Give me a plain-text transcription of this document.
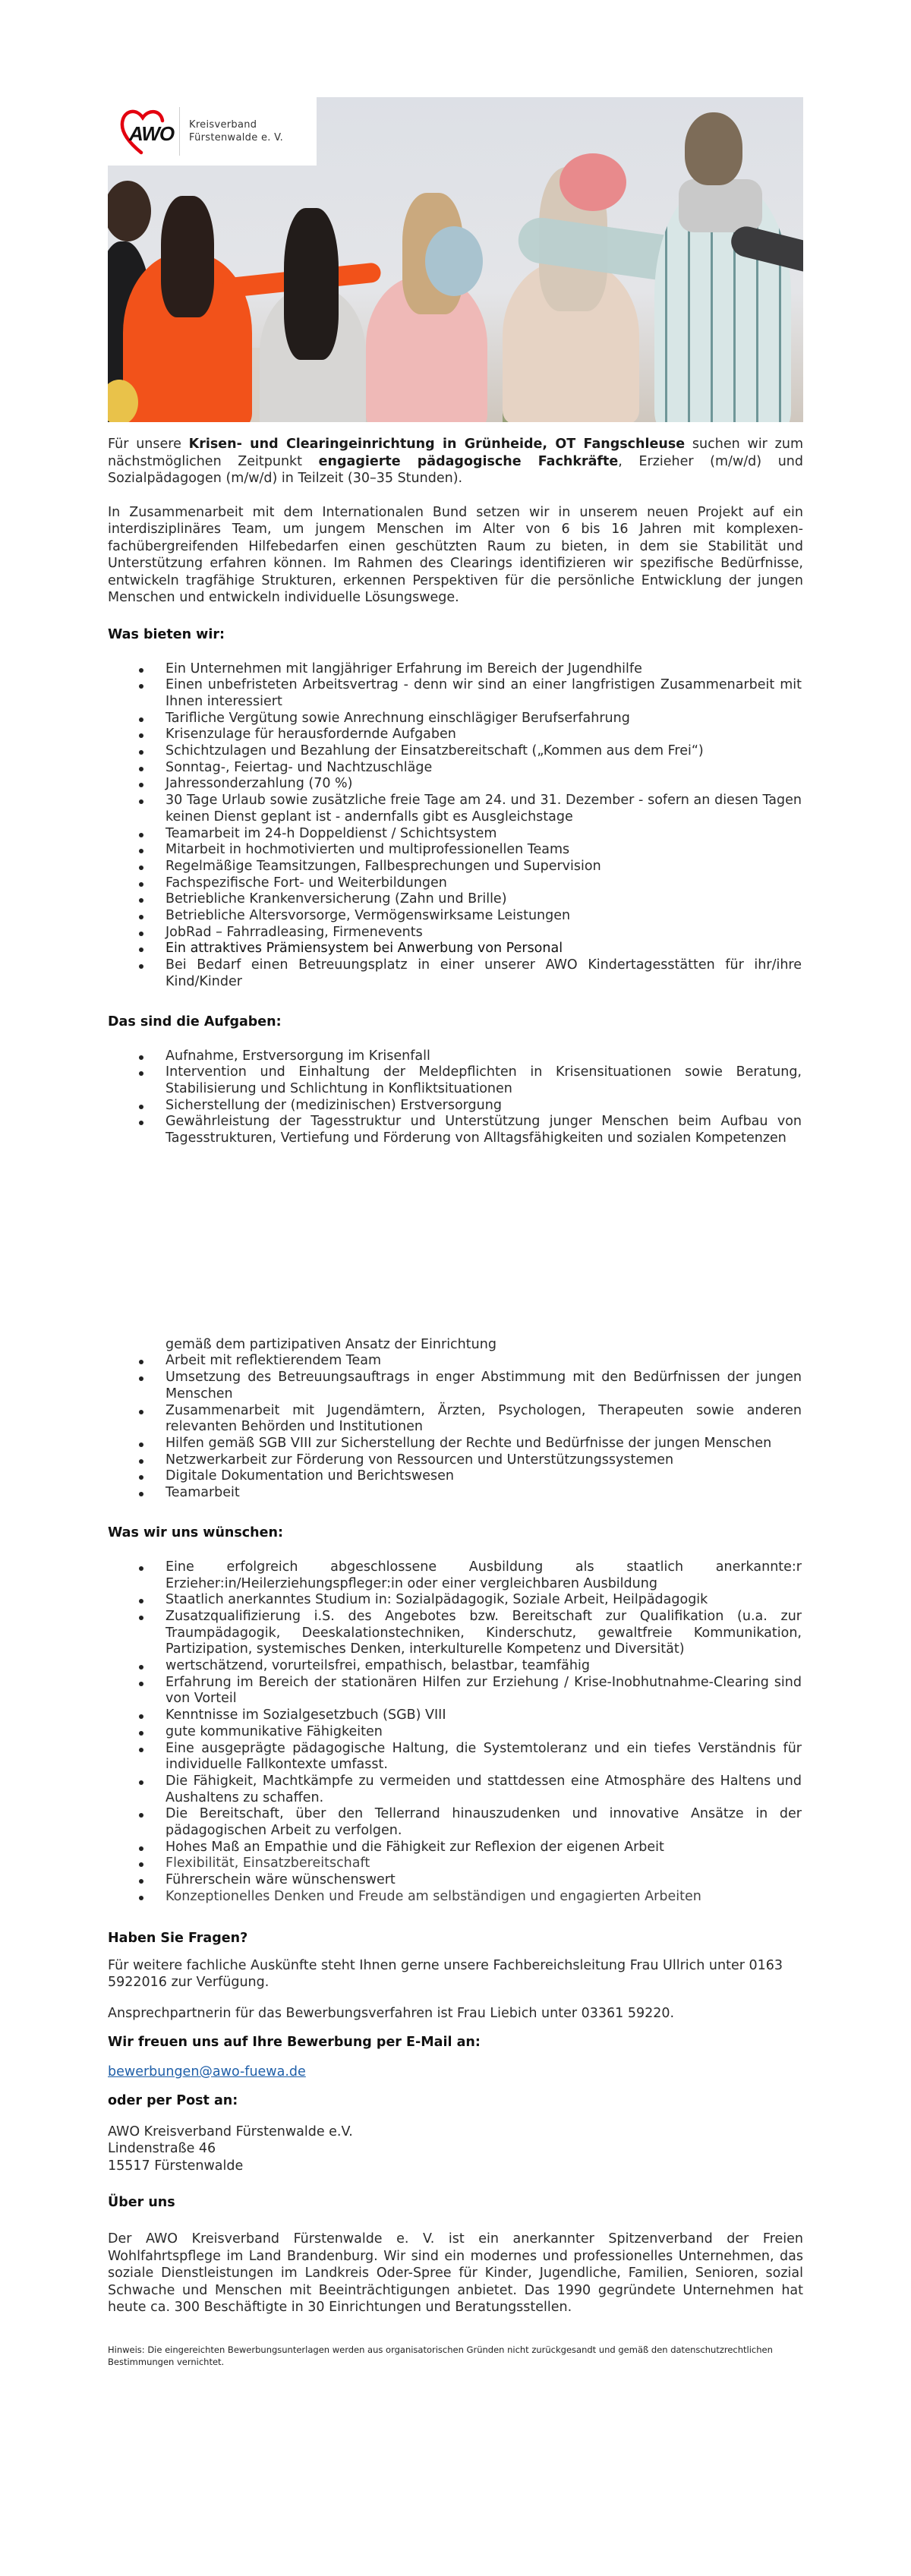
AWO Kreisverband
Fürstenwalde e. V.

Für unsere Krisen- und Clearingeinrichtung in Grünheide, OT Fangschleuse suchen wir zum nächstmöglichen Zeitpunkt engagierte pädagogische Fachkräfte, Erzieher (m/w/d) und Sozialpädagogen (m/w/d) in Teilzeit (30–35 Stunden).

In Zusammenarbeit mit dem Internationalen Bund setzen wir in unserem neuen Projekt auf ein interdisziplinäres Team, um jungem Menschen im Alter von 6 bis 16 Jahren mit komplexen-fachübergreifenden Hilfebedarfen einen geschützten Raum zu bieten, in dem sie Stabilität und Unterstützung erfahren können. Im Rahmen des Clearings identifizieren wir spezifische Bedürfnisse, entwickeln tragfähige Strukturen, erkennen Perspektiven für die persönliche Entwicklung der jungen Menschen und entwickeln individuelle Lösungswege.

Was bieten wir:
Ein Unternehmen mit langjähriger Erfahrung im Bereich der Jugendhilfe
Einen unbefristeten Arbeitsvertrag - denn wir sind an einer langfristigen Zusammenarbeit mit Ihnen interessiert
Tarifliche Vergütung sowie Anrechnung einschlägiger Berufserfahrung
Krisenzulage für herausfordernde Aufgaben
Schichtzulagen und Bezahlung der Einsatzbereitschaft („Kommen aus dem Frei“)
Sonntag-, Feiertag- und Nachtzuschläge
Jahressonderzahlung (70 %)
30 Tage Urlaub sowie zusätzliche freie Tage am 24. und 31. Dezember - sofern an diesen Tagen keinen Dienst geplant ist - andernfalls gibt es Ausgleichstage
Teamarbeit im 24-h Doppeldienst / Schichtsystem
Mitarbeit in hochmotivierten und multiprofessionellen Teams
Regelmäßige Teamsitzungen, Fallbesprechungen und Supervision
Fachspezifische Fort- und Weiterbildungen
Betriebliche Krankenversicherung (Zahn und Brille)
Betriebliche Altersvorsorge, Vermögenswirksame Leistungen
JobRad – Fahrradleasing, Firmenevents
Ein attraktives Prämiensystem bei Anwerbung von Personal
Bei Bedarf einen Betreuungsplatz in einer unserer AWO Kindertagesstätten für ihr/ihre Kind/Kinder
Das sind die Aufgaben:
Aufnahme, Erstversorgung im Krisenfall
Intervention und Einhaltung der Meldepflichten in Krisensituationen sowie Beratung, Stabilisierung und Schlichtung in Konfliktsituationen
Sicherstellung der (medizinischen) Erstversorgung
Gewährleistung der Tagesstruktur und Unterstützung junger Menschen beim Aufbau von Tagesstrukturen, Vertiefung und Förderung von Alltagsfähigkeiten und sozialen Kompetenzen
gemäß dem partizipativen Ansatz der Einrichtung
Arbeit mit reflektierendem Team
Umsetzung des Betreuungsauftrags in enger Abstimmung mit den Bedürfnissen der jungen Menschen
Zusammenarbeit mit Jugendämtern, Ärzten, Psychologen, Therapeuten sowie anderen relevanten Behörden und Institutionen
Hilfen gemäß SGB VIII zur Sicherstellung der Rechte und Bedürfnisse der jungen Menschen
Netzwerkarbeit zur Förderung von Ressourcen und Unterstützungssystemen
Digitale Dokumentation und Berichtswesen
Teamarbeit
Was wir uns wünschen:
Eine erfolgreich abgeschlossene Ausbildung als staatlich anerkannte:r Erzieher:in/Heilerziehungspfleger:in oder einer vergleichbaren Ausbildung
Staatlich anerkanntes Studium in: Sozialpädagogik, Soziale Arbeit, Heilpädagogik
Zusatzqualifizierung i.S. des Angebotes bzw. Bereitschaft zur Qualifikation (u.a. zur Traumpädagogik, Deeskalationstechniken, Kinderschutz, gewaltfreie Kommunikation, Partizipation, systemisches Denken, interkulturelle Kompetenz und Diversität)
wertschätzend, vorurteilsfrei, empathisch, belastbar, teamfähig
Erfahrung im Bereich der stationären Hilfen zur Erziehung / Krise-Inobhutnahme-Clearing sind von Vorteil
Kenntnisse im Sozialgesetzbuch (SGB) VIII
gute kommunikative Fähigkeiten
Eine ausgeprägte pädagogische Haltung, die Systemtoleranz und ein tiefes Verständnis für individuelle Fallkontexte umfasst.
Die Fähigkeit, Machtkämpfe zu vermeiden und stattdessen eine Atmosphäre des Haltens und Aushaltens zu schaffen.
Die Bereitschaft, über den Tellerrand hinauszudenken und innovative Ansätze in der pädagogischen Arbeit zu verfolgen.
Hohes Maß an Empathie und die Fähigkeit zur Reflexion der eigenen Arbeit
Flexibilität, Einsatzbereitschaft
Führerschein wäre wünschenswert
Konzeptionelles Denken und Freude am selbständigen und engagierten Arbeiten
Haben Sie Fragen?

Für weitere fachliche Auskünfte steht Ihnen gerne unsere Fachbereichsleitung Frau Ullrich unter 0163 5922016 zur Verfügung.

Ansprechpartnerin für das Bewerbungsverfahren ist Frau Liebich unter 03361 59220.

Wir freuen uns auf Ihre Bewerbung per E-Mail an:

bewerbungen@awo-fuewa.de

oder per Post an:

AWO Kreisverband Fürstenwalde e.V.

Lindenstraße 46

15517 Fürstenwalde

Über uns

Der AWO Kreisverband Fürstenwalde e. V. ist ein anerkannter Spitzenverband der Freien Wohlfahrtspflege im Land Brandenburg. Wir sind ein modernes und professionelles Unternehmen, das soziale Dienstleistungen im Landkreis Oder-Spree für Kinder, Jugendliche, Familien, Senioren, sozial Schwache und Menschen mit Beeinträchtigungen anbietet. Das 1990 gegründete Unternehmen hat heute ca. 300 Beschäftigte in 30 Einrichtungen und Beratungsstellen.

Hinweis: Die eingereichten Bewerbungsunterlagen werden aus organisatorischen Gründen nicht zurückgesandt und gemäß den datenschutzrechtlichen Bestimmungen vernichtet.
